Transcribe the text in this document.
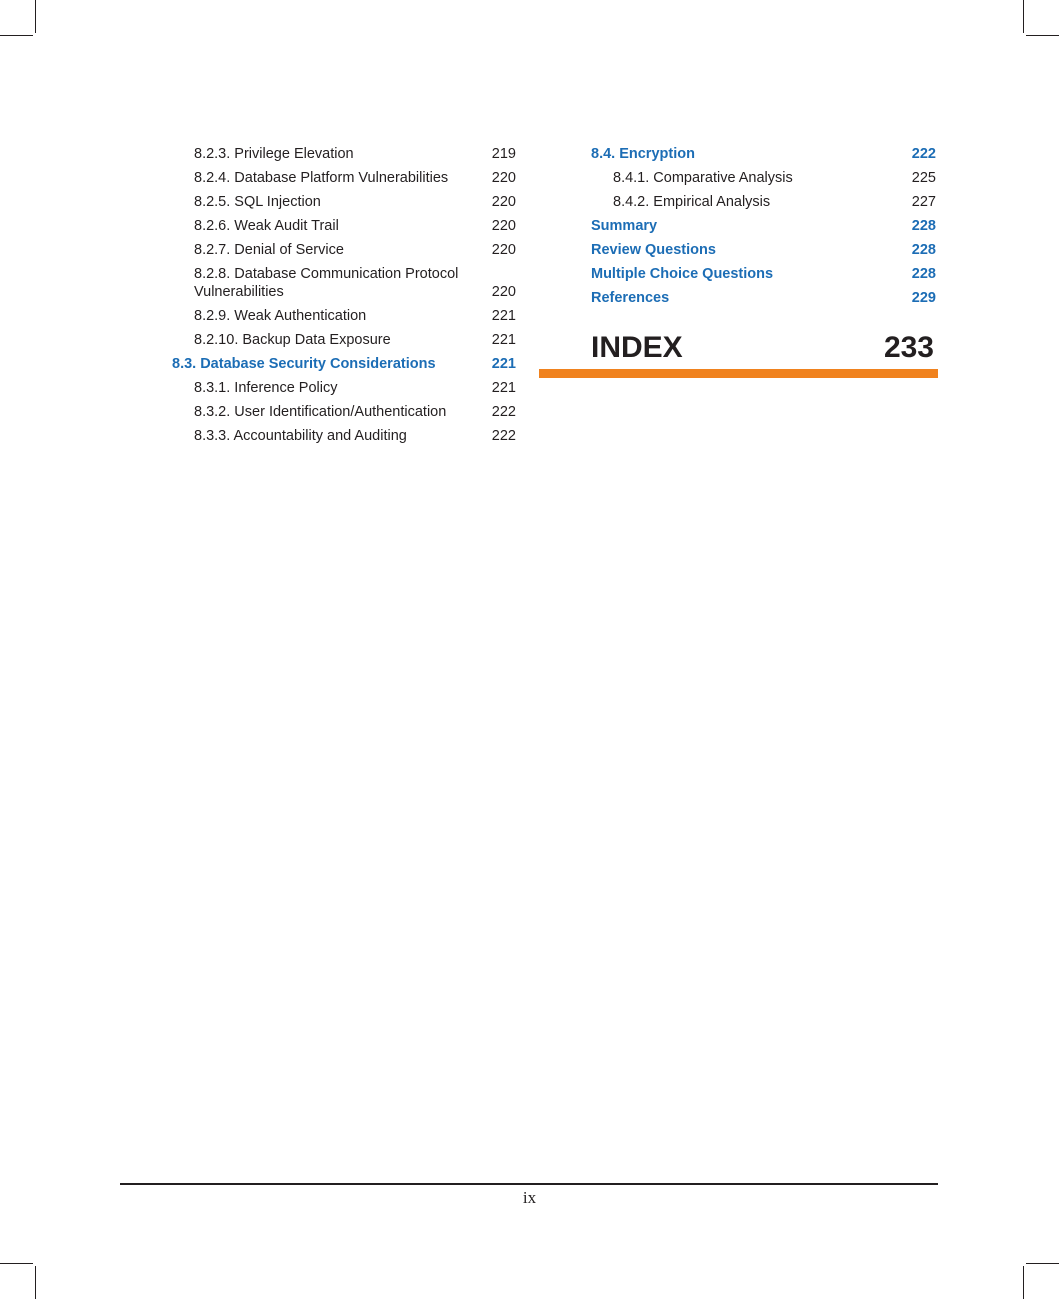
8.2.3. Privilege Elevation	219
8.2.4. Database Platform Vulnerabilities	220
8.2.5. SQL Injection	220
8.2.6. Weak Audit Trail	220
8.2.7. Denial of Service	220
8.2.8. Database Communication Protocol Vulnerabilities	220
8.2.9. Weak Authentication	221
8.2.10. Backup Data Exposure	221
8.3. Database Security Considerations	221
8.3.1. Inference Policy	221
8.3.2. User Identification/Authentication	222
8.3.3. Accountability and Auditing	222
8.4. Encryption	222
8.4.1. Comparative Analysis	225
8.4.2. Empirical Analysis	227
Summary	228
Review Questions	228
Multiple Choice Questions	228
References	229
INDEX	233
ix
